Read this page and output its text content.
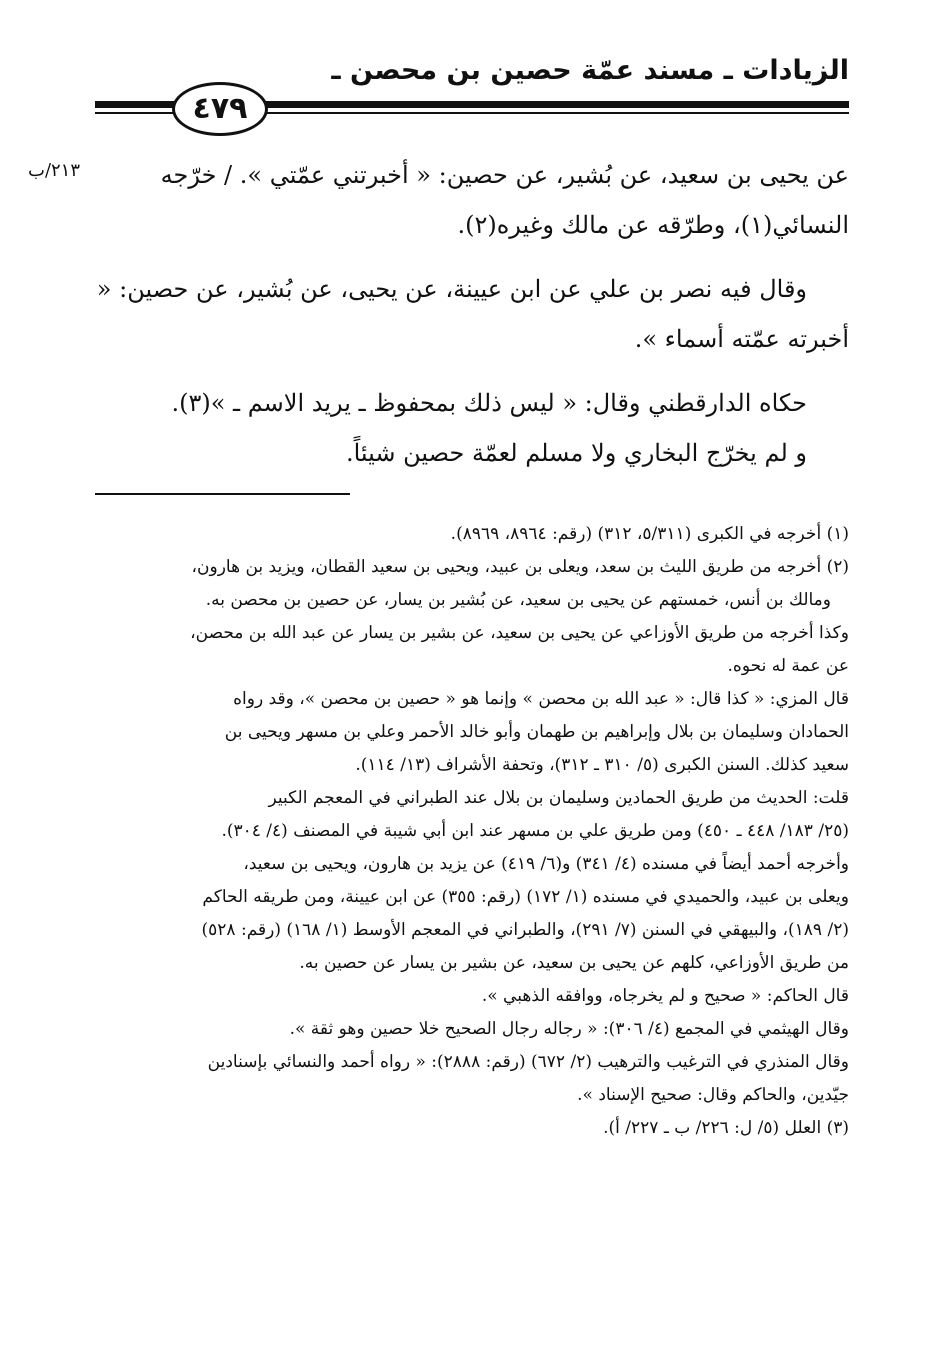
الزيادات ـ مسند عمّة حصين بن محصن ـ
٤٧٩
٢١٣/ب	عن يحيى بن سعيد، عن بُشير، عن حصين: « أخبرتني عمّتي ». / خرّجه

النسائي(١)، وطرّقه عن مالك وغيره(٢).

وقال فيه نصر بن علي عن ابن عيينة، عن يحيى، عن بُشير، عن حصين: «

أخبرته عمّته أسماء ».

حكاه الدارقطني وقال: « ليس ذلك بمحفوظ ـ يريد الاسم ـ »(٣).

و لم يخرّج البخاري ولا مسلم لعمّة حصين شيئاً.

(١) أخرجه في الكبرى (٥/٣١١، ٣١٢) (رقم: ٨٩٦٤، ٨٩٦٩).

(٢) أخرجه من طريق الليث بن سعد، ويعلى بن عبيد، ويحيى بن سعيد القطان، ويزيد بن هارون،

ومالك بن أنس، خمستهم عن يحيى بن سعيد، عن بُشير بن يسار، عن حصين بن محصن به.

وكذا أخرجه من طريق الأوزاعي عن يحيى بن سعيد، عن بشير بن يسار عن عبد الله بن محصن،

عن عمة له نحوه.

قال المزي: « كذا قال: « عبد الله بن محصن » وإنما هو « حصين بن محصن »، وقد رواه

الحمادان وسليمان بن بلال وإبراهيم بن طهمان وأبو خالد الأحمر وعلي بن مسهر ويحيى بن

سعيد كذلك. السنن الكبرى (٥/ ٣١٠ ـ ٣١٢)، وتحفة الأشراف (١٣/ ١١٤).

قلت: الحديث من طريق الحمادين وسليمان بن بلال عند الطبراني في المعجم الكبير

(٢٥/ ١٨٣/ ٤٤٨ ـ ٤٥٠) ومن طريق علي بن مسهر عند ابن أبي شيبة في المصنف (٤/ ٣٠٤).

وأخرجه أحمد أيضاً في مسنده (٤/ ٣٤١) و(٦/ ٤١٩) عن يزيد بن هارون، ويحيى بن سعيد،

ويعلى بن عبيد، والحميدي في مسنده (١/ ١٧٢) (رقم: ٣٥٥) عن ابن عيينة، ومن طريقه الحاكم

(٢/ ١٨٩)، والبيهقي في السنن (٧/ ٢٩١)، والطبراني في المعجم الأوسط (١/ ١٦٨) (رقم: ٥٢٨)

من طريق الأوزاعي، كلهم عن يحيى بن سعيد، عن بشير بن يسار عن حصين به.

قال الحاكم: « صحيح و لم يخرجاه، ووافقه الذهبي ».

وقال الهيثمي في المجمع (٤/ ٣٠٦): « رجاله رجال الصحيح خلا حصين وهو ثقة ».

وقال المنذري في الترغيب والترهيب (٢/ ٦٧٢) (رقم: ٢٨٨٨): « رواه أحمد والنسائي بإسنادين

جيّدين، والحاكم وقال: صحيح الإسناد ».

(٣) العلل (٥/ ل: ٢٢٦/ ب ـ ٢٢٧/ أ).
